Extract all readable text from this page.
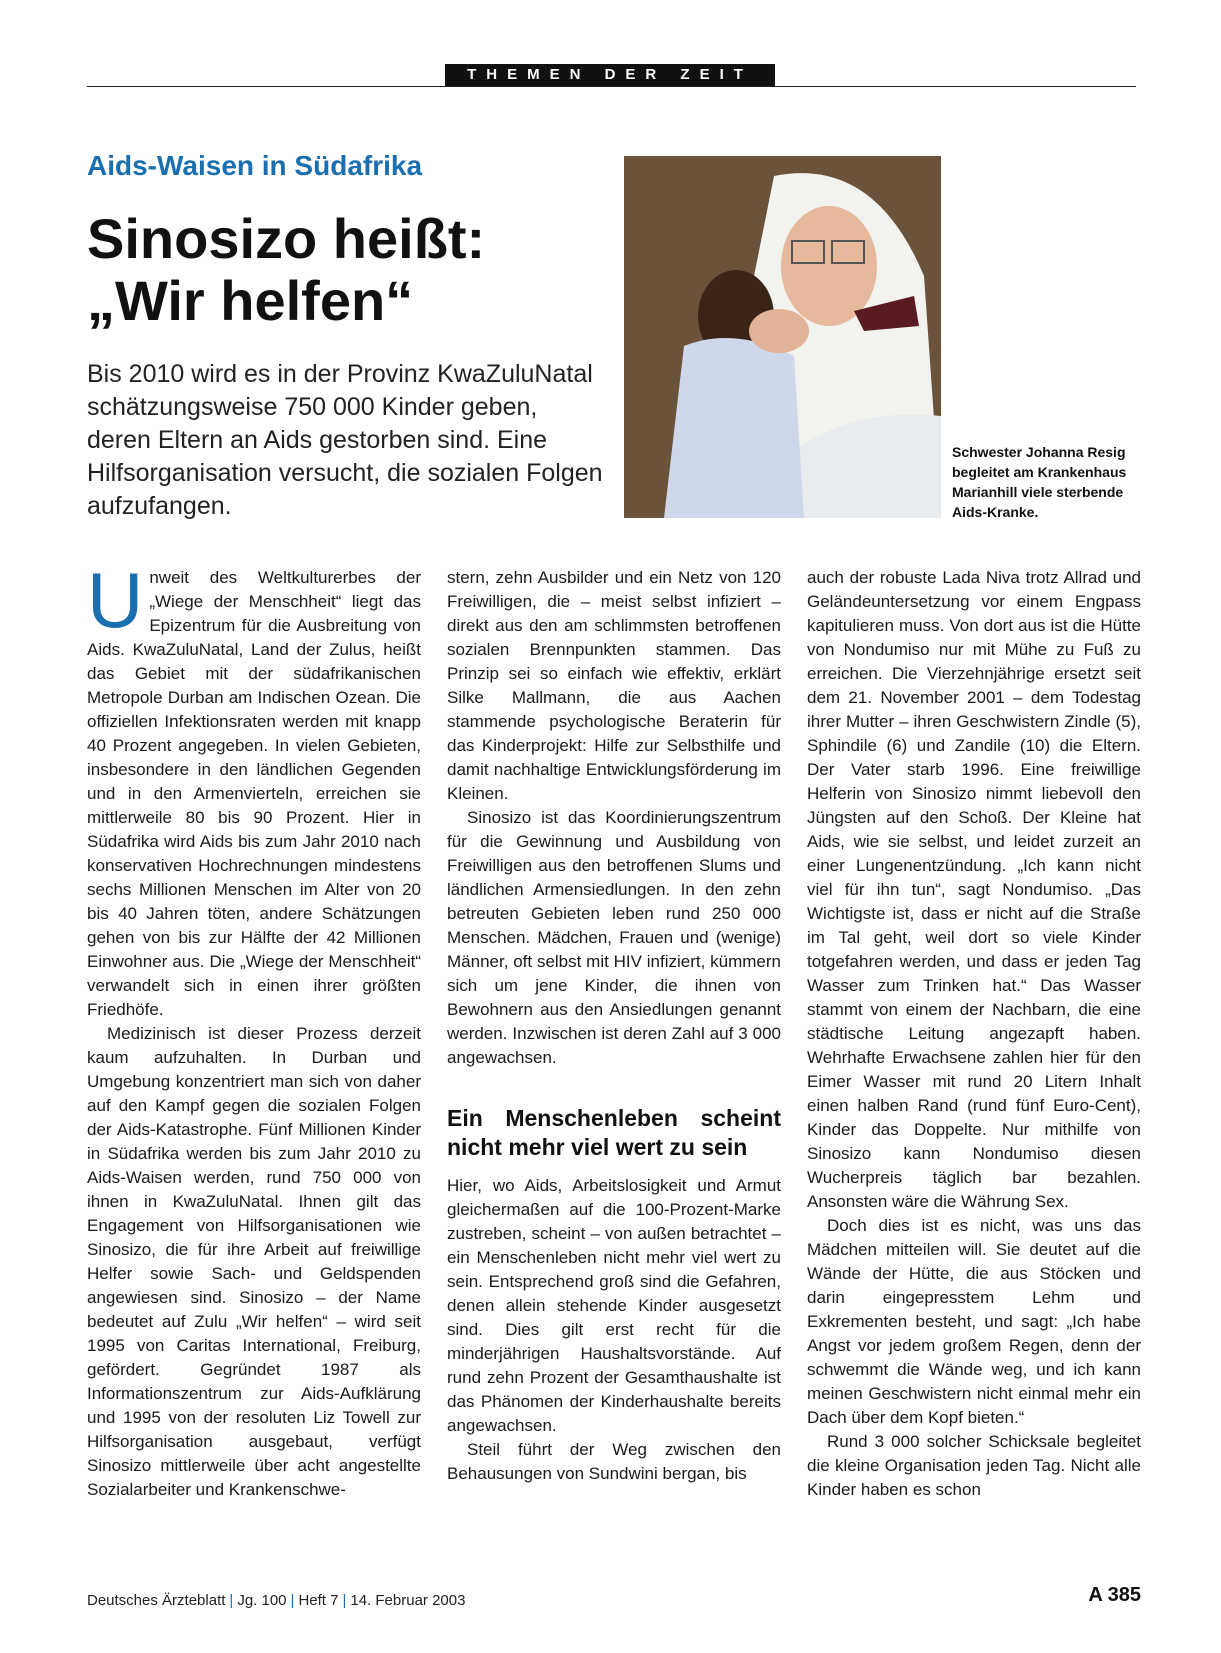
THEMEN DER ZEIT
Aids-Waisen in Südafrika
Sinosizo heißt:
„Wir helfen“

Bis 2010 wird es in der Provinz KwaZuluNatal schätzungsweise 750 000 Kinder geben, deren Eltern an Aids gestorben sind. Eine Hilfsorganisation versucht, die sozialen Folgen aufzufangen.

Schwester Johanna Resig begleitet am Krankenhaus Marianhill viele sterbende Aids-Kranke.

Unweit des Weltkulturerbes der „Wiege der Menschheit“ liegt das Epizentrum für die Ausbreitung von Aids. KwaZuluNatal, Land der Zulus, heißt das Gebiet mit der südafrikanischen Metropole Durban am Indischen Ozean. Die offiziellen Infektionsraten werden mit knapp 40 Prozent angegeben. In vielen Gebieten, insbesondere in den ländlichen Gegenden und in den Armenvierteln, erreichen sie mittlerweile 80 bis 90 Prozent. Hier in Südafrika wird Aids bis zum Jahr 2010 nach konservativen Hochrechnungen mindestens sechs Millionen Menschen im Alter von 20 bis 40 Jahren töten, andere Schätzungen gehen von bis zur Hälfte der 42 Millionen Einwohner aus. Die „Wiege der Menschheit“ verwandelt sich in einen ihrer größten Friedhöfe.

Medizinisch ist dieser Prozess derzeit kaum aufzuhalten. In Durban und Umgebung konzentriert man sich von daher auf den Kampf gegen die sozialen Folgen der Aids-Katastrophe. Fünf Millionen Kinder in Südafrika werden bis zum Jahr 2010 zu Aids-Waisen werden, rund 750 000 von ihnen in KwaZuluNatal. Ihnen gilt das Engagement von Hilfsorganisationen wie Sinosizo, die für ihre Arbeit auf freiwillige Helfer sowie Sach- und Geldspenden angewiesen sind. Sinosizo – der Name bedeutet auf Zulu „Wir helfen“ – wird seit 1995 von Caritas International, Freiburg, gefördert. Gegründet 1987 als Informationszentrum zur Aids-Aufklärung und 1995 von der resoluten Liz Towell zur Hilfsorganisation ausgebaut, verfügt Sinosizo mittlerweile über acht angestellte Sozialarbeiter und Krankenschwe-

stern, zehn Ausbilder und ein Netz von 120 Freiwilligen, die – meist selbst infiziert – direkt aus den am schlimmsten betroffenen sozialen Brennpunkten stammen. Das Prinzip sei so einfach wie effektiv, erklärt Silke Mallmann, die aus Aachen stammende psychologische Beraterin für das Kinderprojekt: Hilfe zur Selbsthilfe und damit nachhaltige Entwicklungsförderung im Kleinen.

Sinosizo ist das Koordinierungszentrum für die Gewinnung und Ausbildung von Freiwilligen aus den betroffenen Slums und ländlichen Armensiedlungen. In den zehn betreuten Gebieten leben rund 250 000 Menschen. Mädchen, Frauen und (wenige) Männer, oft selbst mit HIV infiziert, kümmern sich um jene Kinder, die ihnen von Bewohnern aus den Ansiedlungen genannt werden. Inzwischen ist deren Zahl auf 3 000 angewachsen.

Ein Menschenleben scheint nicht mehr viel wert zu sein

Hier, wo Aids, Arbeitslosigkeit und Armut gleichermaßen auf die 100-Prozent-Marke zustreben, scheint – von außen betrachtet – ein Menschenleben nicht mehr viel wert zu sein. Entsprechend groß sind die Gefahren, denen allein stehende Kinder ausgesetzt sind. Dies gilt erst recht für die minderjährigen Haushaltsvorstände. Auf rund zehn Prozent der Gesamthaushalte ist das Phänomen der Kinderhaushalte bereits angewachsen.

Steil führt der Weg zwischen den Behausungen von Sundwini bergan, bis

auch der robuste Lada Niva trotz Allrad und Geländeuntersetzung vor einem Engpass kapitulieren muss. Von dort aus ist die Hütte von Nondumiso nur mit Mühe zu Fuß zu erreichen. Die Vierzehnjährige ersetzt seit dem 21. November 2001 – dem Todestag ihrer Mutter – ihren Geschwistern Zindle (5), Sphindile (6) und Zandile (10) die Eltern. Der Vater starb 1996. Eine freiwillige Helferin von Sinosizo nimmt liebevoll den Jüngsten auf den Schoß. Der Kleine hat Aids, wie sie selbst, und leidet zurzeit an einer Lungenentzündung. „Ich kann nicht viel für ihn tun“, sagt Nondumiso. „Das Wichtigste ist, dass er nicht auf die Straße im Tal geht, weil dort so viele Kinder totgefahren werden, und dass er jeden Tag Wasser zum Trinken hat.“ Das Wasser stammt von einem der Nachbarn, die eine städtische Leitung angezapft haben. Wehrhafte Erwachsene zahlen hier für den Eimer Wasser mit rund 20 Litern Inhalt einen halben Rand (rund fünf Euro-Cent), Kinder das Doppelte. Nur mithilfe von Sinosizo kann Nondumiso diesen Wucherpreis täglich bar bezahlen. Ansonsten wäre die Währung Sex.

Doch dies ist es nicht, was uns das Mädchen mitteilen will. Sie deutet auf die Wände der Hütte, die aus Stöcken und darin eingepresstem Lehm und Exkrementen besteht, und sagt: „Ich habe Angst vor jedem großem Regen, denn der schwemmt die Wände weg, und ich kann meinen Geschwistern nicht einmal mehr ein Dach über dem Kopf bieten.“

Rund 3 000 solcher Schicksale begleitet die kleine Organisation jeden Tag. Nicht alle Kinder haben es schon

Deutsches Ärzteblatt | Jg. 100 | Heft 7 | 14. Februar 2003	A 385
